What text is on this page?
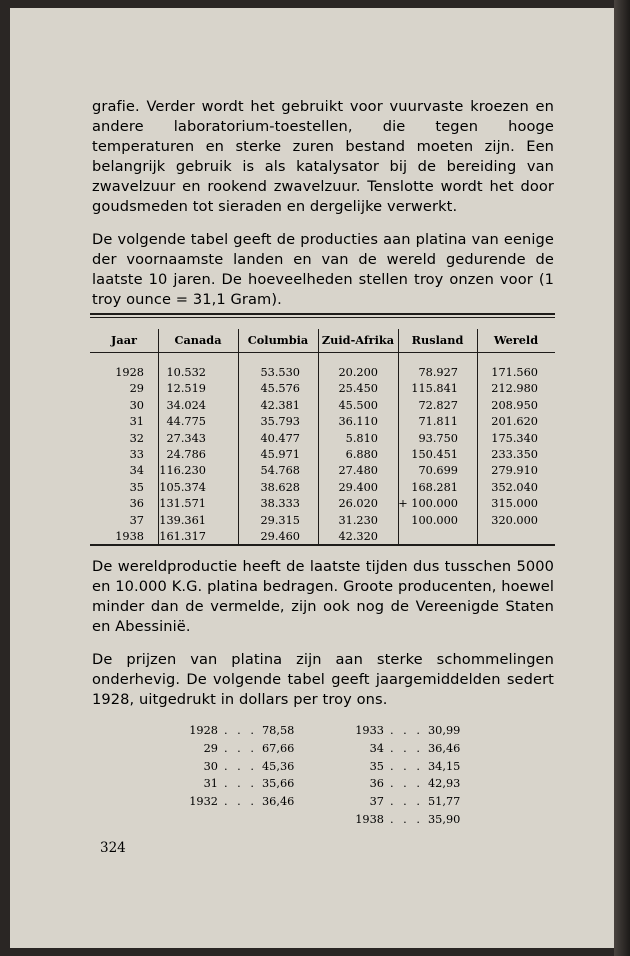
grafie. Verder wordt het gebruikt voor vuurvaste kroezen en andere laboratorium-toestellen, die tegen hooge temperaturen en sterke zuren bestand moeten zijn. Een belangrijk gebruik is als katalysator bij de bereiding van zwavelzuur en rookend zwavelzuur. Tenslotte wordt het door goudsmeden tot sieraden en dergelijke verwerkt.

De volgende tabel geeft de producties aan platina van eenige der voornaamste landen en van de wereld gedurende de laatste 10 jaren. De hoeveelheden stellen troy onzen voor (1 troy ounce = 31,1 Gram).

Jaar	Canada	Columbia	Zuid-Afrika	Rusland	Wereld
1928	10.532	53.530	20.200	78.927	171.560
29	12.519	45.576	25.450	115.841	212.980
30	34.024	42.381	45.500	72.827	208.950
31	44.775	35.793	36.110	71.811	201.620
32	27.343	40.477	5.810	93.750	175.340
33	24.786	45.971	6.880	150.451	233.350
34	116.230	54.768	27.480	70.699	279.910
35	105.374	38.628	29.400	168.281	352.040
36	131.571	38.333	26.020	+ 100.000	315.000
37	139.361	29.315	31.230	100.000	320.000
1938	161.317	29.460	42.320

De wereldproductie heeft de laatste tijden dus tusschen 5000 en 10.000 K.G. platina bedragen. Groote producenten, hoewel minder dan de vermelde, zijn ook nog de Vereenigde Staten en Abessinië.

De prijzen van platina zijn aan sterke schommelingen onderhevig. De volgende tabel geeft jaargemiddelden sedert 1928, uitgedrukt in dollars per troy ons.

1928 . . . 78,58
29 . . . 67,66
30 . . . 45,36
31 . . . 35,66
1932 . . . 36,46
1933 . . . 30,99
34 . . . 36,46
35 . . . 34,15
36 . . . 42,93
37 . . . 51,77
1938 . . . 35,90
324
